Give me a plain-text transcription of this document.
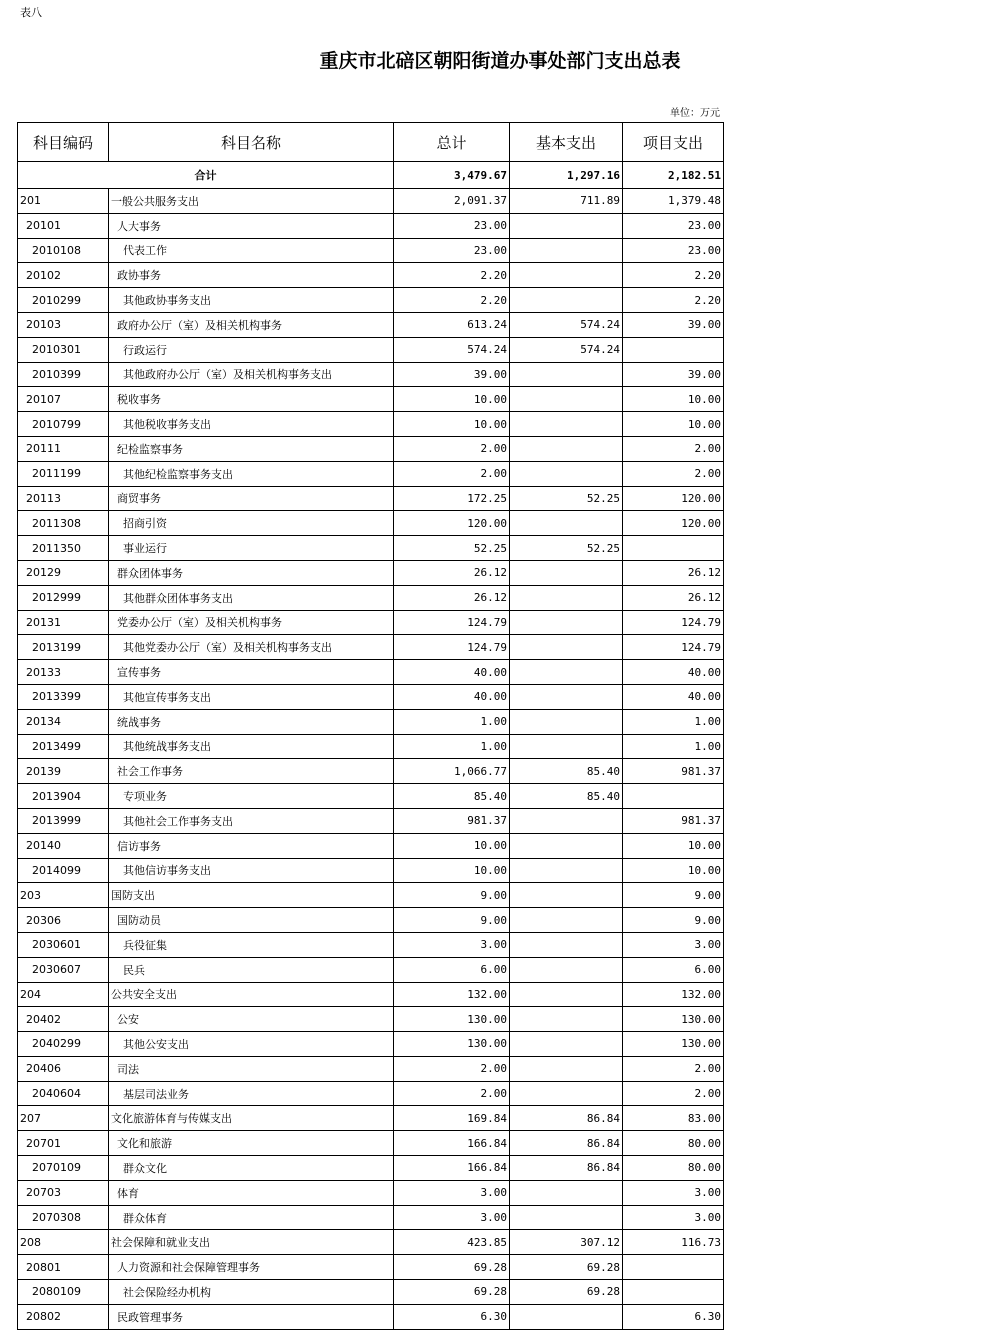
表八
重庆市北碚区朝阳街道办事处部门支出总表
单位：万元
科目编码	科目名称	总计	基本支出	项目支出
合计		3,479.67	1,297.16	2,182.51
201	一般公共服务支出	2,091.37	711.89	1,379.48
20101	人大事务	23.00		23.00
2010108	代表工作	23.00		23.00
20102	政协事务	2.20		2.20
2010299	其他政协事务支出	2.20		2.20
20103	政府办公厅（室）及相关机构事务	613.24	574.24	39.00
2010301	行政运行	574.24	574.24	
2010399	其他政府办公厅（室）及相关机构事务支出	39.00		39.00
20107	税收事务	10.00		10.00
2010799	其他税收事务支出	10.00		10.00
20111	纪检监察事务	2.00		2.00
2011199	其他纪检监察事务支出	2.00		2.00
20113	商贸事务	172.25	52.25	120.00
2011308	招商引资	120.00		120.00
2011350	事业运行	52.25	52.25	
20129	群众团体事务	26.12		26.12
2012999	其他群众团体事务支出	26.12		26.12
20131	党委办公厅（室）及相关机构事务	124.79		124.79
2013199	其他党委办公厅（室）及相关机构事务支出	124.79		124.79
20133	宣传事务	40.00		40.00
2013399	其他宣传事务支出	40.00		40.00
20134	统战事务	1.00		1.00
2013499	其他统战事务支出	1.00		1.00
20139	社会工作事务	1,066.77	85.40	981.37
2013904	专项业务	85.40	85.40	
2013999	其他社会工作事务支出	981.37		981.37
20140	信访事务	10.00		10.00
2014099	其他信访事务支出	10.00		10.00
203	国防支出	9.00		9.00
20306	国防动员	9.00		9.00
2030601	兵役征集	3.00		3.00
2030607	民兵	6.00		6.00
204	公共安全支出	132.00		132.00
20402	公安	130.00		130.00
2040299	其他公安支出	130.00		130.00
20406	司法	2.00		2.00
2040604	基层司法业务	2.00		2.00
207	文化旅游体育与传媒支出	169.84	86.84	83.00
20701	文化和旅游	166.84	86.84	80.00
2070109	群众文化	166.84	86.84	80.00
20703	体育	3.00		3.00
2070308	群众体育	3.00		3.00
208	社会保障和就业支出	423.85	307.12	116.73
20801	人力资源和社会保障管理事务	69.28	69.28	
2080109	社会保险经办机构	69.28	69.28	
20802	民政管理事务	6.30		6.30
